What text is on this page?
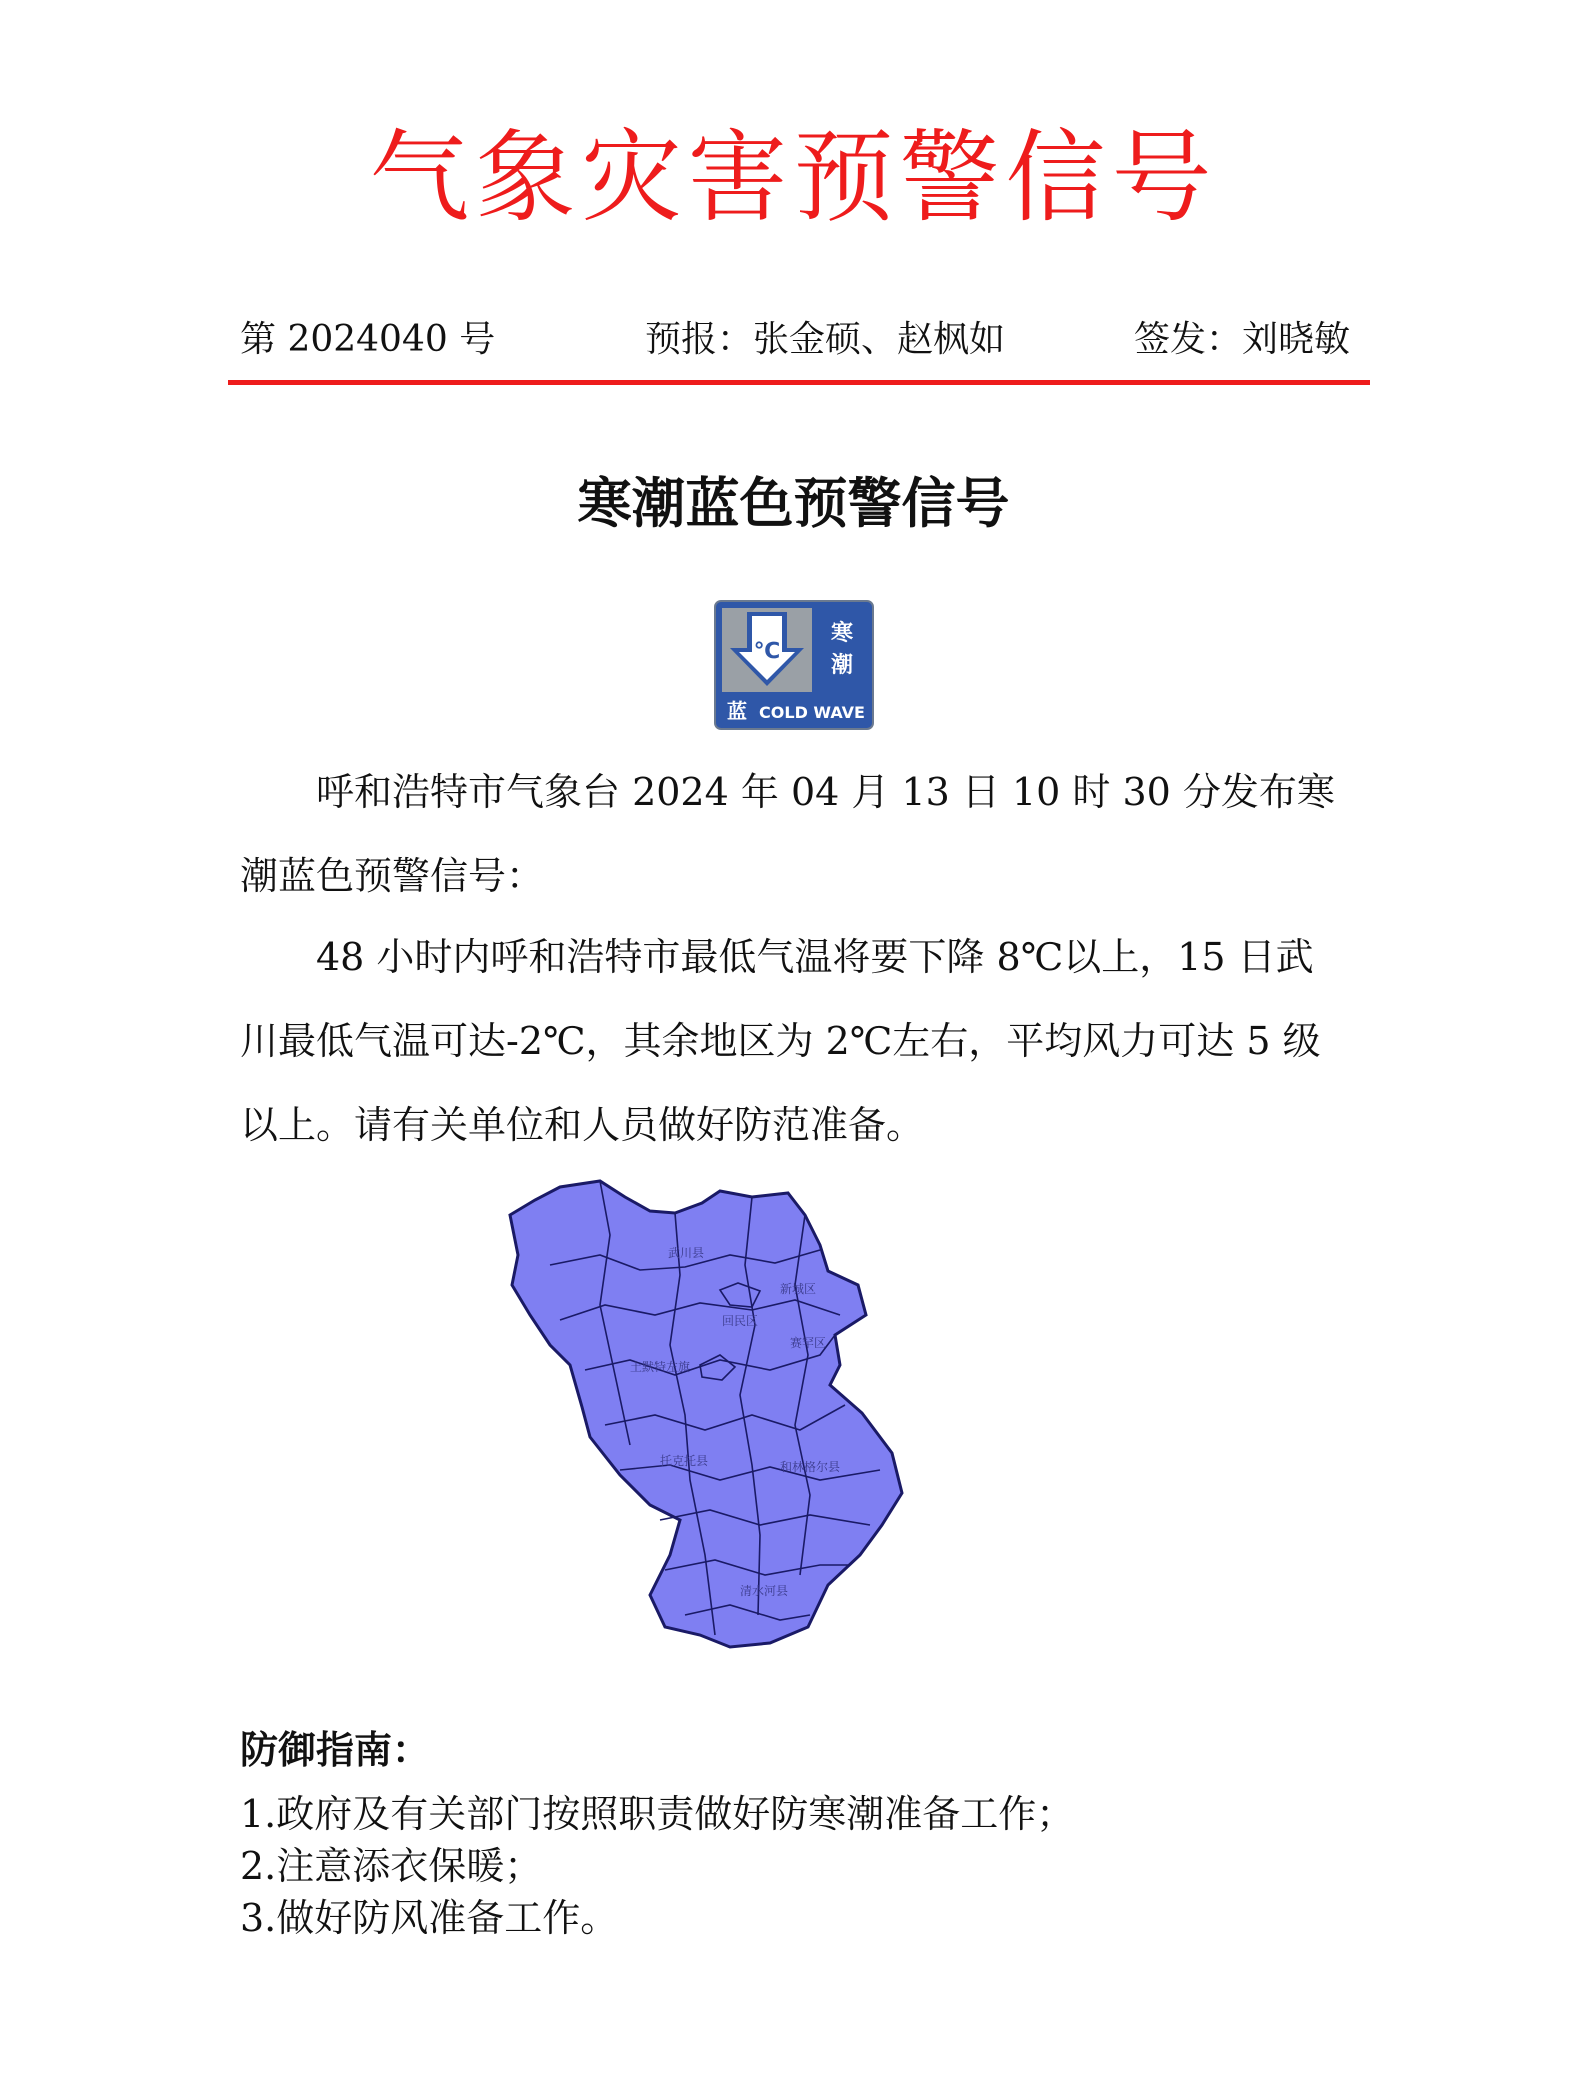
气象灾害预警信号
第 2024040 号	预报：张金硕、赵枫如	签发：刘晓敏
寒潮蓝色预警信号
℃
寒
潮
蓝 COLD WAVE

呼和浩特市气象台 2024 年 04 月 13 日 10 时 30 分发布寒潮蓝色预警信号：

48 小时内呼和浩特市最低气温将要下降 8℃以上，15 日武川最低气温可达-2℃，其余地区为 2℃左右，平均风力可达 5 级以上。请有关单位和人员做好防范准备。

武川县
新城区
回民区
赛罕区
土默特左旗
托克托县	和林格尔县
清水河县
防御指南：
1.政府及有关部门按照职责做好防寒潮准备工作；
2.注意添衣保暖；
3.做好防风准备工作。
